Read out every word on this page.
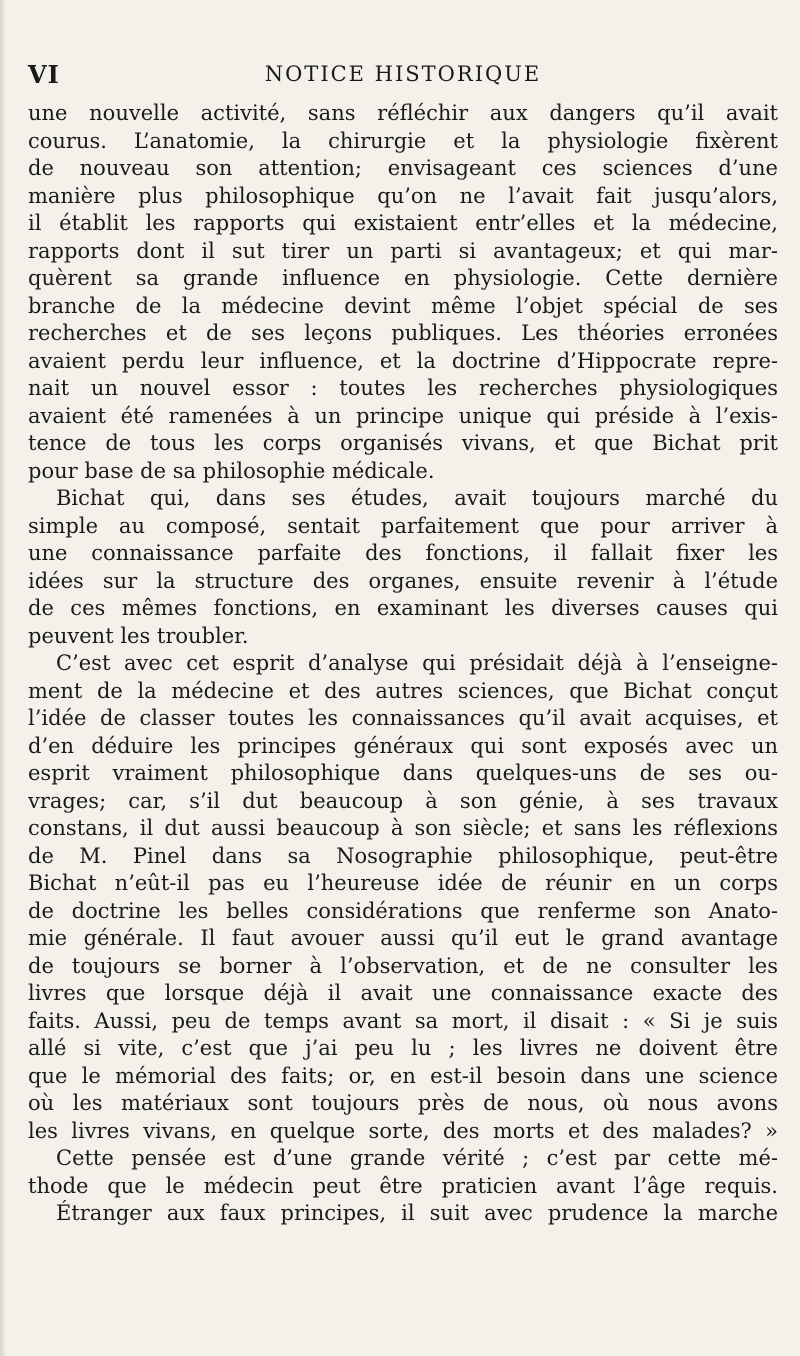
VI	NOTICE HISTORIQUE
une nouvelle activité, sans réfléchir aux dangers qu’il avait
courus. L’anatomie, la chirurgie et la physiologie fixèrent
de nouveau son attention; envisageant ces sciences d’une
manière plus philosophique qu’on ne l’avait fait jusqu’alors,
il établit les rapports qui existaient entr’elles et la médecine,
rapports dont il sut tirer un parti si avantageux; et qui mar-
quèrent sa grande influence en physiologie. Cette dernière
branche de la médecine devint même l’objet spécial de ses
recherches et de ses leçons publiques. Les théories erronées
avaient perdu leur influence, et la doctrine d’Hippocrate repre-
nait un nouvel essor : toutes les recherches physiologiques
avaient été ramenées à un principe unique qui préside à l’exis-
tence de tous les corps organisés vivans, et que Bichat prit
pour base de sa philosophie médicale.
Bichat qui, dans ses études, avait toujours marché du
simple au composé, sentait parfaitement que pour arriver à
une connaissance parfaite des fonctions, il fallait fixer les
idées sur la structure des organes, ensuite revenir à l’étude
de ces mêmes fonctions, en examinant les diverses causes qui
peuvent les troubler.
C’est avec cet esprit d’analyse qui présidait déjà à l’enseigne-
ment de la médecine et des autres sciences, que Bichat conçut
l’idée de classer toutes les connaissances qu’il avait acquises, et
d’en déduire les principes généraux qui sont exposés avec un
esprit vraiment philosophique dans quelques-uns de ses ou-
vrages; car, s’il dut beaucoup à son génie, à ses travaux
constans, il dut aussi beaucoup à son siècle; et sans les réflexions
de M. Pinel dans sa Nosographie philosophique, peut-être
Bichat n’eût-il pas eu l’heureuse idée de réunir en un corps
de doctrine les belles considérations que renferme son Anato-
mie générale. Il faut avouer aussi qu’il eut le grand avantage
de toujours se borner à l’observation, et de ne consulter les
livres que lorsque déjà il avait une connaissance exacte des
faits. Aussi, peu de temps avant sa mort, il disait : « Si je suis
allé si vite, c’est que j’ai peu lu ; les livres ne doivent être
que le mémorial des faits; or, en est-il besoin dans une science
où les matériaux sont toujours près de nous, où nous avons
les livres vivans, en quelque sorte, des morts et des malades? »
Cette pensée est d’une grande vérité ; c’est par cette mé-
thode que le médecin peut être praticien avant l’âge requis.
Étranger aux faux principes, il suit avec prudence la marche
